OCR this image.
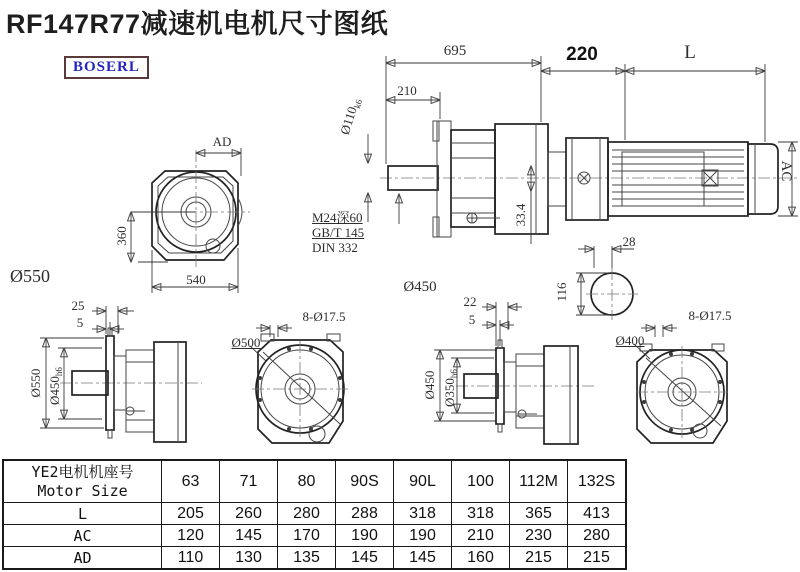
RF147R77减速机电机尺寸图纸
BOSERL
695
210
220	L
$Ø110_{k6}$
M24深60
GB/T 145
DIN 332
33.4
AC
28
116
Ø550
Ø450
AD
360
540
25
5
Ø550 $Ø450_{h6}$
8-Ø17.5
Ø500
22
5
Ø450 $Ø350_{h6}$
8-Ø17.5
Ø400
YE2电机机座号
Motor Size	63	71	80	90S	90L	100	112M	132S
L	205	260	280	288	318	318	365	413
AC	120	145	170	190	190	210	230	280
AD	110	130	135	145	145	160	215	215
